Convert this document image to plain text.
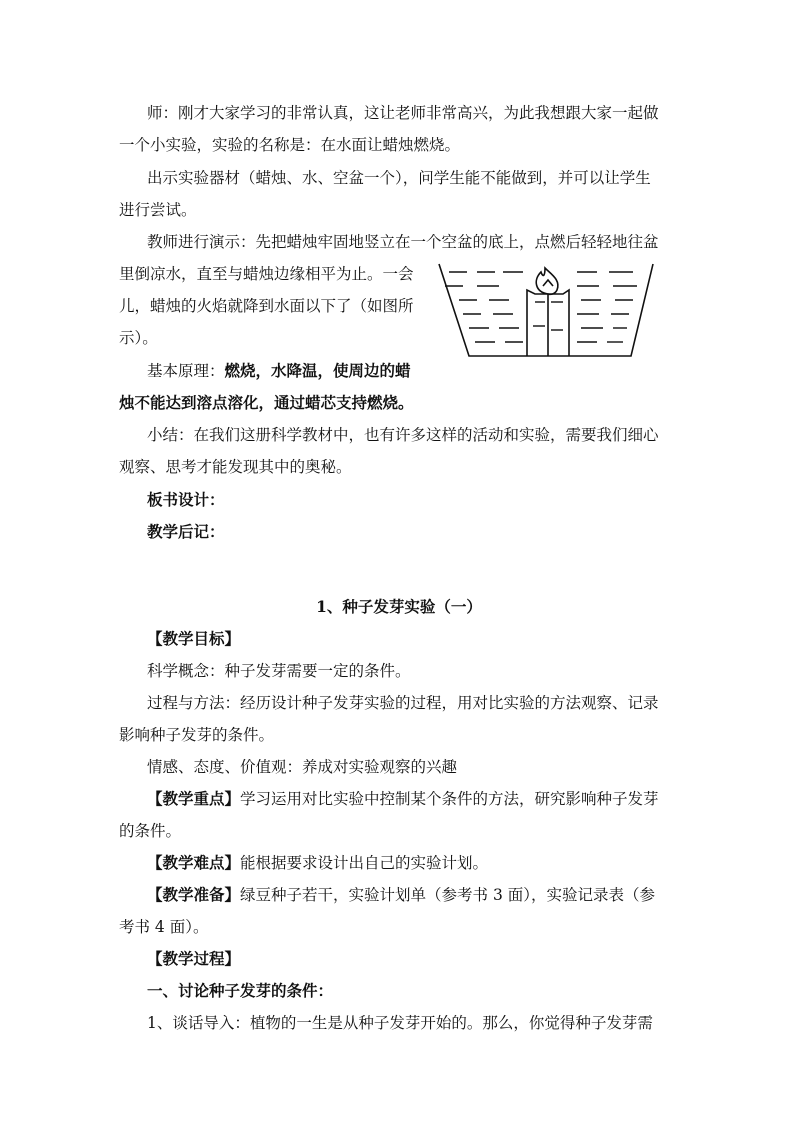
师：刚才大家学习的非常认真，这让老师非常高兴，为此我想跟大家一起做

一个小实验，实验的名称是：在水面让蜡烛燃烧。

出示实验器材（蜡烛、水、空盆一个），问学生能不能做到，并可以让学生

进行尝试。

教师进行演示：先把蜡烛牢固地竖立在一个空盆的底上，点燃后轻轻地往盆

里倒凉水，直至与蜡烛边缘相平为止。一会

儿，蜡烛的火焰就降到水面以下了（如图所

示）。

基本原理：燃烧，水降温，使周边的蜡

烛不能达到溶点溶化，通过蜡芯支持燃烧。

小结：在我们这册科学教材中，也有许多这样的活动和实验，需要我们细心

观察、思考才能发现其中的奥秘。

板书设计：

教学后记：

1、种子发芽实验（一）

【教学目标】

科学概念：种子发芽需要一定的条件。

过程与方法：经历设计种子发芽实验的过程，用对比实验的方法观察、记录

影响种子发芽的条件。

情感、态度、价值观：养成对实验观察的兴趣

【教学重点】学习运用对比实验中控制某个条件的方法，研究影响种子发芽

的条件。

【教学难点】能根据要求设计出自己的实验计划。

【教学准备】绿豆种子若干，实验计划单（参考书 3 面），实验记录表（参

考书 4 面）。

【教学过程】

一、讨论种子发芽的条件：

1、谈话导入：植物的一生是从种子发芽开始的。那么，你觉得种子发芽需
